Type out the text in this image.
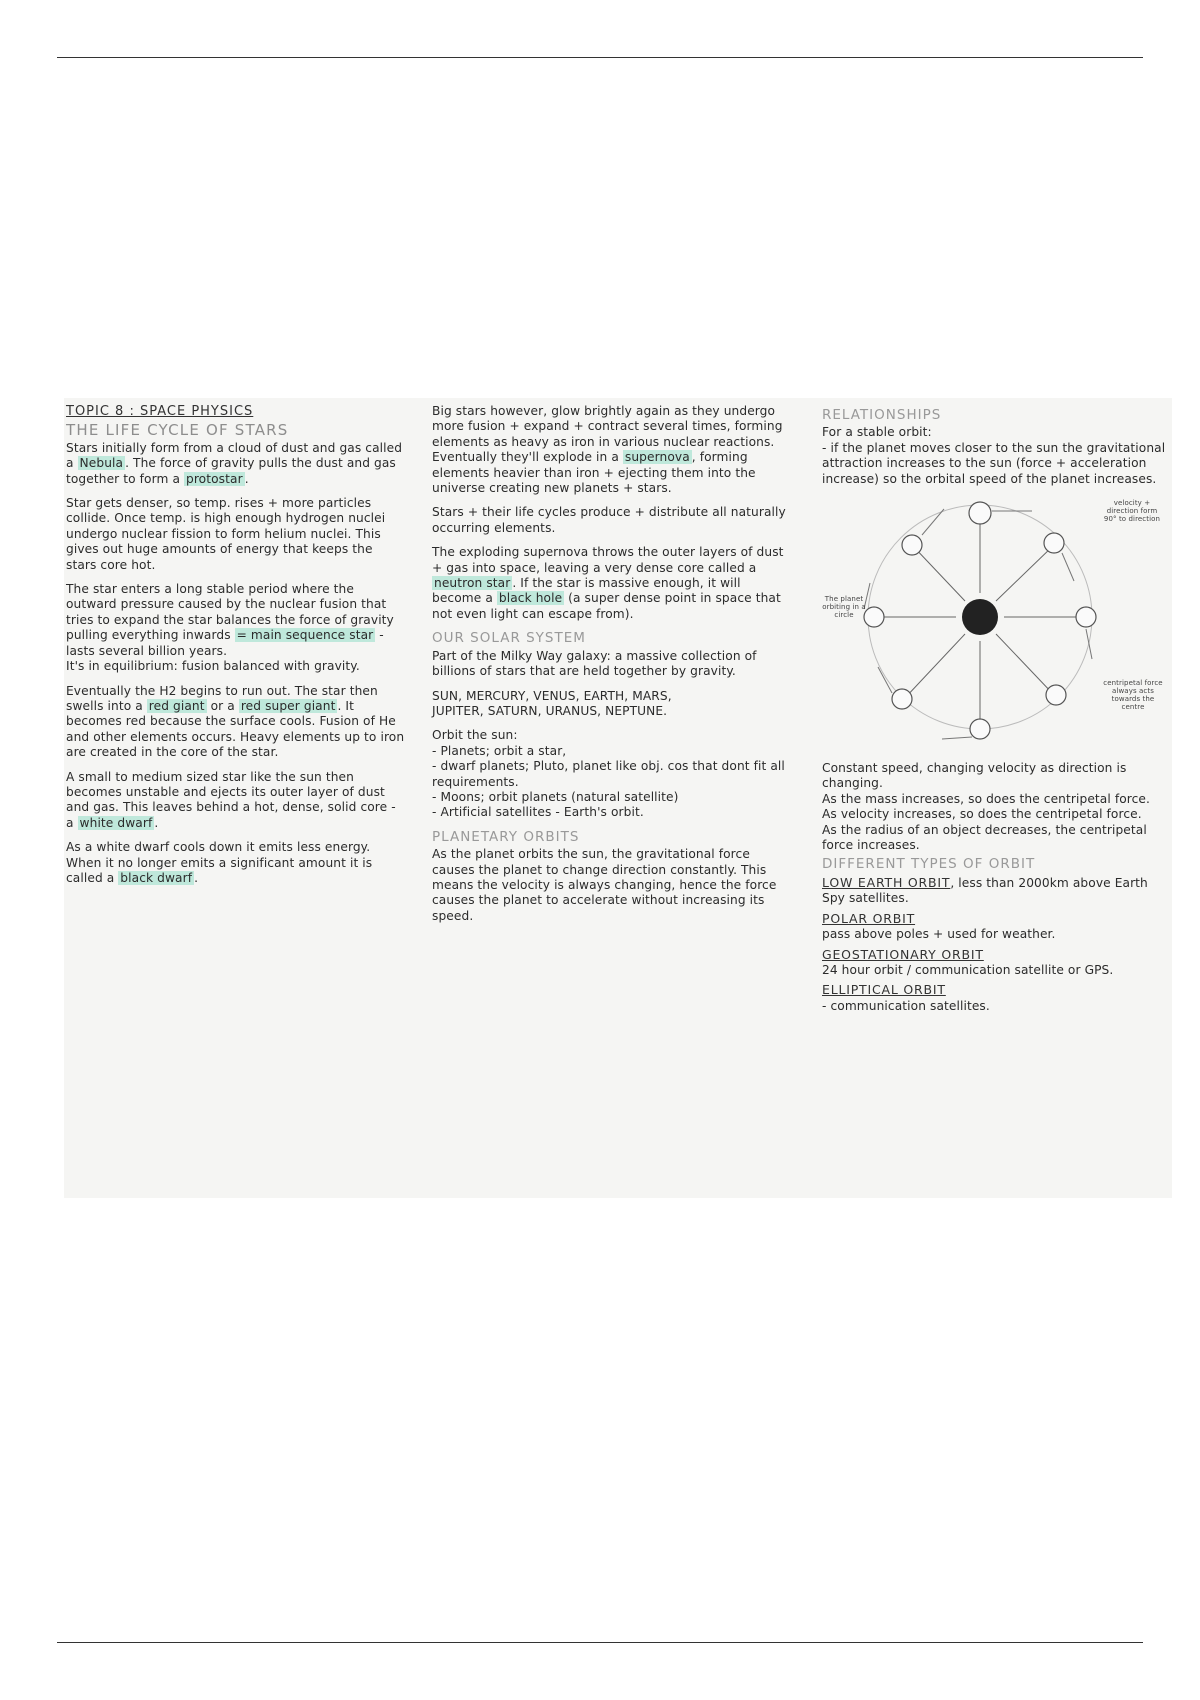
TOPIC 8 : SPACE PHYSICS
THE LIFE CYCLE OF STARS

Stars initially form from a cloud of dust and gas called a Nebula . The force of gravity pulls the dust and gas together to form a protostar .

Star gets denser, so temp. rises + more particles collide. Once temp. is high enough hydrogen nuclei undergo nuclear fission to form helium nuclei. This gives out huge amounts of energy that keeps the stars core hot.

The star enters a long stable period where the outward pressure caused by the nuclear fusion that tries to expand the star balances the force of gravity pulling everything inwards = main sequence star - lasts several billion years.
It's in equilibrium: fusion balanced with gravity.

Eventually the H2 begins to run out. The star then swells into a red giant or a red super giant . It becomes red because the surface cools. Fusion of He and other elements occurs. Heavy elements up to iron are created in the core of the star.

A small to medium sized star like the sun then becomes unstable and ejects its outer layer of dust and gas. This leaves behind a hot, dense, solid core - a white dwarf .

As a white dwarf cools down it emits less energy. When it no longer emits a significant amount it is called a black dwarf .

Big stars however, glow brightly again as they undergo more fusion + expand + contract several times, forming elements as heavy as iron in various nuclear reactions. Eventually they'll explode in a supernova , forming elements heavier than iron + ejecting them into the universe creating new planets + stars.

Stars + their life cycles produce + distribute all naturally occurring elements.

The exploding supernova throws the outer layers of dust + gas into space, leaving a very dense core called a neutron star . If the star is massive enough, it will become a black hole (a super dense point in space that not even light can escape from).

OUR SOLAR SYSTEM

Part of the Milky Way galaxy: a massive collection of billions of stars that are held together by gravity.

SUN, MERCURY, VENUS, EARTH, MARS,
JUPITER, SATURN, URANUS, NEPTUNE.

Orbit the sun:
- Planets; orbit a star,
- dwarf planets; Pluto, planet like obj. cos that dont fit all requirements.
- Moons; orbit planets (natural satellite)
- Artificial satellites - Earth's orbit.

PLANETARY ORBITS

As the planet orbits the sun, the gravitational force causes the planet to change direction constantly. This means the velocity is always changing, hence the force causes the planet to accelerate without increasing its speed.

RELATIONSHIPS
For a stable orbit:
- if the planet moves closer to the sun the gravitational attraction increases to the sun (force + acceleration increase) so the orbital speed of the planet increases.
velocity + direction form 90° to direction
The planet orbiting in a circle
centripetal force always acts towards the centre
Constant speed, changing velocity as direction is changing.
As the mass increases, so does the centripetal force.
As velocity increases, so does the centripetal force.
As the radius of an object decreases, the centripetal force increases.
DIFFERENT TYPES OF ORBIT
LOW EARTH ORBIT, less than 2000km above Earth
Spy satellites.
POLAR ORBIT
pass above poles + used for weather.
GEOSTATIONARY ORBIT
24 hour orbit / communication satellite or GPS.
ELLIPTICAL ORBIT
- communication satellites.
